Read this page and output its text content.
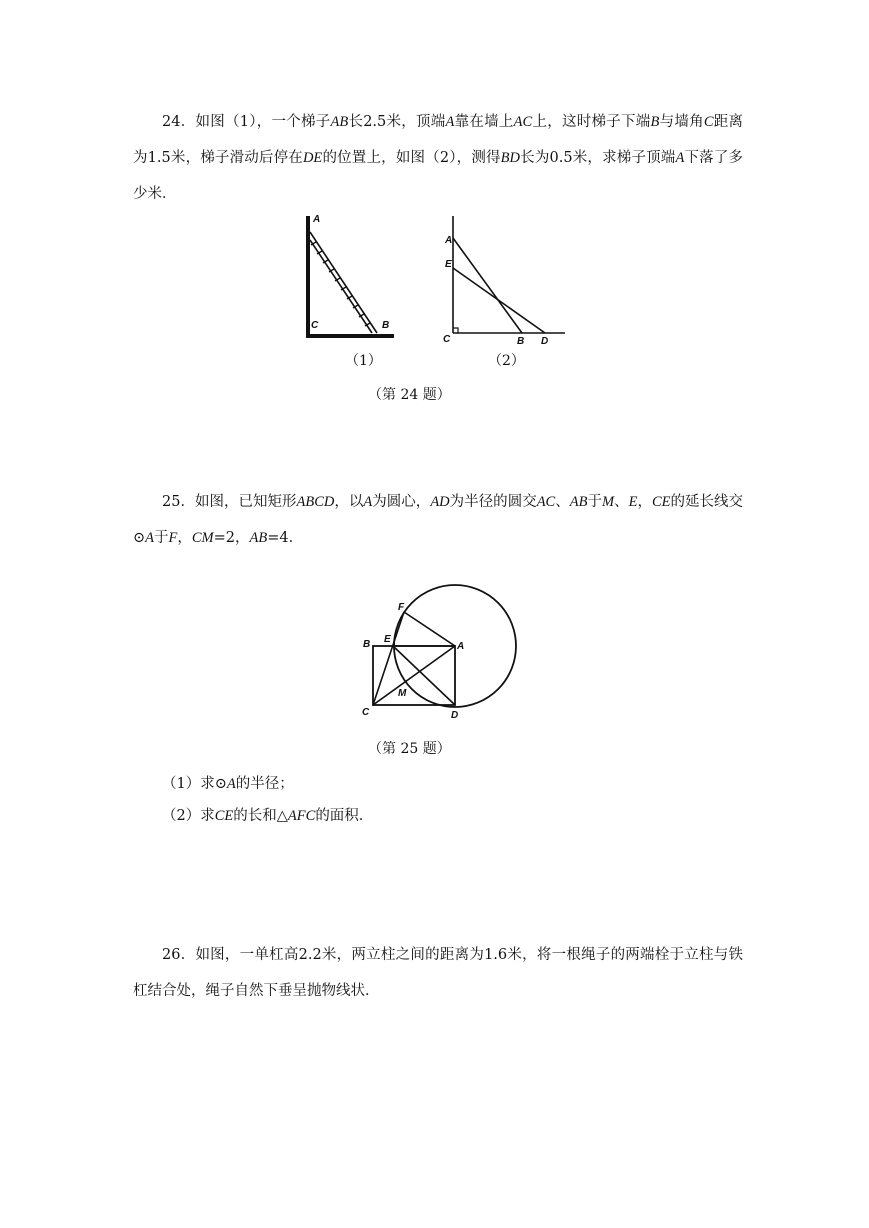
24．如图（1），一个梯子AB长2.5米，顶端A靠在墙上AC上，这时梯子下端B与墙角C距离为1.5米，梯子滑动后停在DE的位置上，如图（2），测得BD长为0.5米，求梯子顶端A下落了多少米．

A
C	B
（1）
A
E
C	B D
（2）
（第 24 题）

25．如图，已知矩形ABCD，以A为圆心，AD为半径的圆交AC、AB于M、E，CE的延长线交⊙A于F，CM=2，AB=4．

F
B E
A
M
C	D
（第 25 题）
（1）求⊙A的半径；
（2）求CE的长和△AFC的面积．

26．如图，一单杠高2.2米，两立柱之间的距离为1.6米，将一根绳子的两端栓于立柱与铁杠结合处，绳子自然下垂呈抛物线状．
